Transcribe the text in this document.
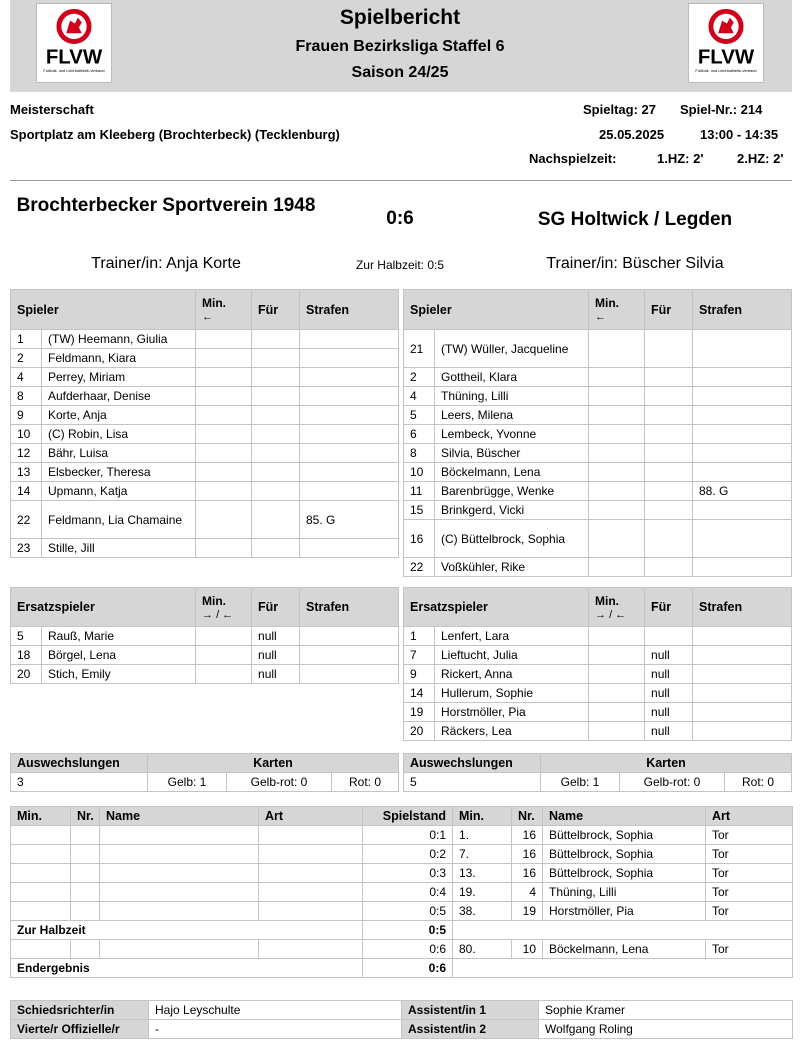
FLVW
Fußball- und Leichtathletik-Verband
FLVW
Fußball- und Leichtathletik-Verband
Spielbericht
Frauen Bezirksliga Staffel 6
Saison 24/25
Meisterschaft
Sportplatz am Kleeberg (Brochterbeck) (Tecklenburg)
Spieltag: 27 Spiel-Nr.: 214
25.05.2025	13:00 - 14:35
Nachspielzeit:	1.HZ: 2'	2.HZ: 2'
Brochterbecker Sportverein 1948
0:6	SG Holtwick / Legden
Trainer/in: Anja Korte	Zur Halbzeit: 0:5	Trainer/in: Büscher Silvia
Spieler		Min.
←	Für	Strafen
1	(TW) Heemann, Giulia			
2	Feldmann, Kiara			
4	Perrey, Miriam			
8	Aufderhaar, Denise			
9	Korte, Anja			
10	(C) Robin, Lisa			
12	Bähr, Luisa			
13	Elsbecker, Theresa			
14	Upmann, Katja			
22	Feldmann, Lia Chamaine			85. G
23	Stille, Jill			
Spieler		Min.
←	Für	Strafen
21	(TW) Wüller, Jacqueline			
2	Gottheil, Klara			
4	Thüning, Lilli			
5	Leers, Milena			
6	Lembeck, Yvonne			
8	Silvia, Büscher			
10	Böckelmann, Lena			
11	Barenbrügge, Wenke			88. G
15	Brinkgerd, Vicki			
16	(C) Büttelbrock, Sophia			
22	Voßkühler, Rike			
Ersatzspieler		Min.
→ / ←	Für	Strafen
5	Rauß, Marie		null	
18	Börgel, Lena		null	
20	Stich, Emily		null	
Ersatzspieler		Min.
→ / ←	Für	Strafen
1	Lenfert, Lara			
7	Lieftucht, Julia		null	
9	Rickert, Anna		null	
14	Hullerum, Sophie		null	
19	Horstmöller, Pia		null	
20	Räckers, Lea		null	
Auswechslungen	Karten		
3	Gelb: 1	Gelb-rot: 0	Rot: 0
Auswechslungen	Karten		
5	Gelb: 1	Gelb-rot: 0	Rot: 0
Min.	Nr.	Name	Art	Spielstand	Min.	Nr.	Name	Art
				0:1	1.	16	Büttelbrock, Sophia	Tor
				0:2	7.	16	Büttelbrock, Sophia	Tor
				0:3	13.	16	Büttelbrock, Sophia	Tor
				0:4	19.	4	Thüning, Lilli	Tor
				0:5	38.	19	Horstmöller, Pia	Tor
Zur Halbzeit				0:5				
				0:6	80.	10	Böckelmann, Lena	Tor
Endergebnis				0:6				
Schiedsrichter/in	Hajo Leyschulte	Assistent/in 1	Sophie Kramer
Vierte/r Offizielle/r	-	Assistent/in 2	Wolfgang Roling
